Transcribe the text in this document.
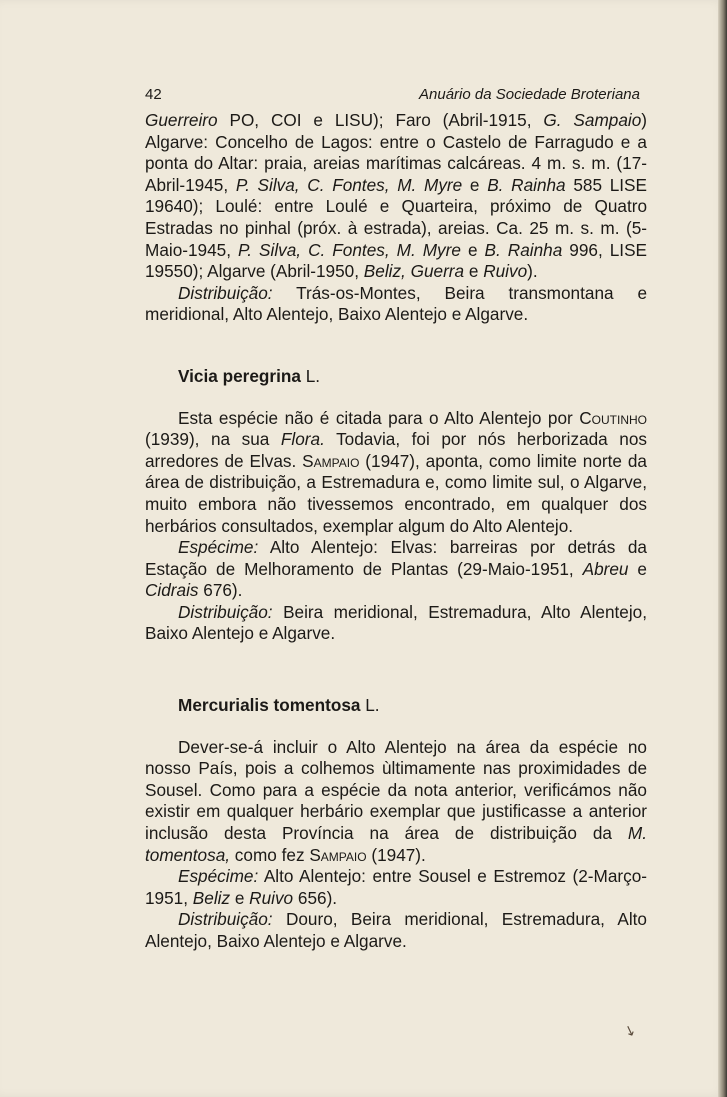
42	Anuário da Sociedade Broteriana

Guerreiro PO, COI e LISU); Faro (Abril-1915, G. Sampaio) Algarve: Concelho de Lagos: entre o Castelo de Farragudo e a ponta do Altar: praia, areias marítimas calcáreas. 4 m. s. m. (17-Abril-1945, P. Silva, C. Fontes, M. Myre e B. Rainha 585 LISE 19640); Loulé: entre Loulé e Quarteira, próximo de Quatro Estradas no pinhal (próx. à estrada), areias. Ca. 25 m. s. m. (5-Maio-1945, P. Silva, C. Fontes, M. Myre e B. Rainha 996, LISE 19550); Algarve (Abril-1950, Beliz, Guerra e Ruivo).

Distribuição: Trás-os-Montes, Beira transmontana e meridional, Alto Alentejo, Baixo Alentejo e Algarve.

Vicia peregrina L.

Esta espécie não é citada para o Alto Alentejo por Coutinho (1939), na sua Flora. Todavia, foi por nós herborizada nos arredores de Elvas. Sampaio (1947), aponta, como limite norte da área de distribuição, a Estremadura e, como limite sul, o Algarve, muito embora não tivessemos encontrado, em qualquer dos herbários consultados, exemplar algum do Alto Alentejo.

Espécime: Alto Alentejo: Elvas: barreiras por detrás da Estação de Melhoramento de Plantas (29-Maio-1951, Abreu e Cidrais 676).

Distribuição: Beira meridional, Estremadura, Alto Alentejo, Baixo Alentejo e Algarve.

Mercurialis tomentosa L.

Dever-se-á incluir o Alto Alentejo na área da espécie no nosso País, pois a colhemos ùltimamente nas proximidades de Sousel. Como para a espécie da nota anterior, verificámos não existir em qualquer herbário exemplar que justificasse a anterior inclusão desta Província na área de distribuição da M. tomentosa, como fez Sampaio (1947).

Espécime: Alto Alentejo: entre Sousel e Estremoz (2-Março-1951, Beliz e Ruivo 656).

Distribuição: Douro, Beira meridional, Estremadura, Alto Alentejo, Baixo Alentejo e Algarve.

↘
